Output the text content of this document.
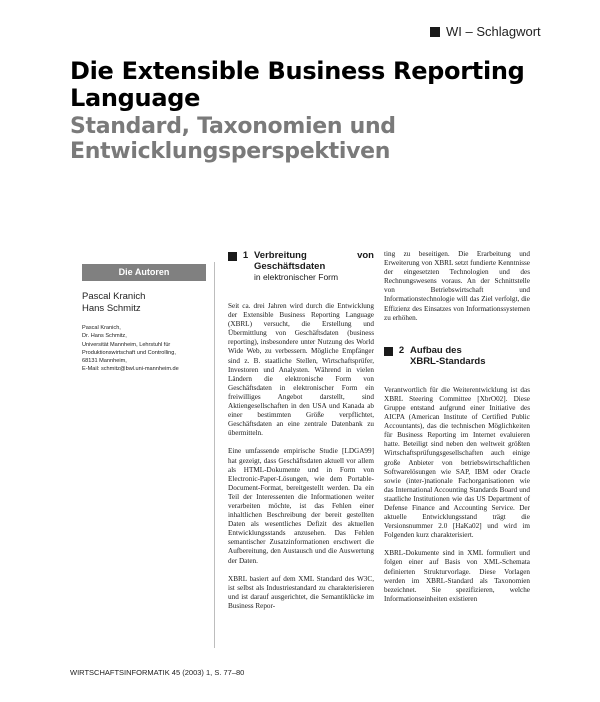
WI – Schlagwort
Die Extensible Business Reporting Language
Standard, Taxonomien und Entwicklungsperspektiven
Die Autoren
Pascal Kranich
Hans Schmitz
Pascal Kranich,
Dr. Hans Schmitz,
Universität Mannheim, Lehrstuhl für
Produktionswirtschaft und Controlling,
68131 Mannheim,
E-Mail: schmitz@bwl.uni-mannheim.de
1 Verbreitung von Geschäftsdaten
in elektronischer Form

Seit ca. drei Jahren wird durch die Entwicklung der Extensible Business Reporting Language (XBRL) versucht, die Erstellung und Übermittlung von Geschäftsdaten (business reporting), insbesondere unter Nutzung des World Wide Web, zu verbessern. Mögliche Empfänger sind z. B. staatliche Stellen, Wirtschaftsprüfer, Investoren und Analysten. Während in vielen Ländern die elektronische Form von Geschäftsdaten in elektronischer Form ein freiwilliges Angebot darstellt, sind Aktiengesellschaften in den USA und Kanada ab einer bestimmten Größe verpflichtet, Geschäftsdaten an eine zentrale Datenbank zu übermitteln.

Eine umfassende empirische Studie [LDGA99] hat gezeigt, dass Geschäftsdaten aktuell vor allem als HTML-Dokumente und in Form von Electronic-Paper-Lösungen, wie dem Portable-Document-Format, bereitgestellt werden. Da ein Teil der Interessenten die Informationen weiter verarbeiten möchte, ist das Fehlen einer inhaltlichen Beschreibung der bereit gestellten Daten als wesentliches Defizit des aktuellen Entwicklungsstands anzusehen. Das Fehlen semantischer Zusatzinformationen erschwert die Aufbereitung, den Austausch und die Auswertung der Daten.

XBRL basiert auf dem XML Standard des W3C, ist selbst als Industriestandard zu charakterisieren und ist darauf ausgerichtet, die Semantiklücke im Business Repor-

ting zu beseitigen. Die Erarbeitung und Erweiterung von XBRL setzt fundierte Kenntnisse der eingesetzten Technologien und des Rechnungswesens voraus. An der Schnittstelle von Betriebswirtschaft und Informationstechnologie will das Ziel verfolgt, die Effizienz des Einsatzes von Informationssystemen zu erhöhen.

2 Aufbau des
XBRL-Standards

Verantwortlich für die Weiterentwicklung ist das XBRL Steering Committee [XbrO02]. Diese Gruppe entstand aufgrund einer Initiative des AICPA (American Institute of Certified Public Accountants), das die technischen Möglichkeiten für Business Reporting im Internet evaluieren hatte. Beteiligt sind neben den weltweit größten Wirtschaftsprüfungsgesellschaften auch einige große Anbieter von betriebswirtschaftlichen Softwarelösungen wie SAP, IBM oder Oracle sowie (inter-)nationale Fachorganisationen wie das International Accounting Standards Board und staatliche Institutionen wie das US Department of Defense Finance and Accounting Service. Der aktuelle Entwicklungsstand trägt die Versionsnummer 2.0 [HaKa02] und wird im Folgenden kurz charakterisiert.

XBRL-Dokumente sind in XML formuliert und folgen einer auf Basis von XML-Schemata definierten Strukturvorlage. Diese Vorlagen werden im XBRL-Standard als Taxonomien bezeichnet. Sie spezifizieren, welche Informationseinheiten existieren

WIRTSCHAFTSINFORMATIK 45 (2003) 1, S. 77–80
